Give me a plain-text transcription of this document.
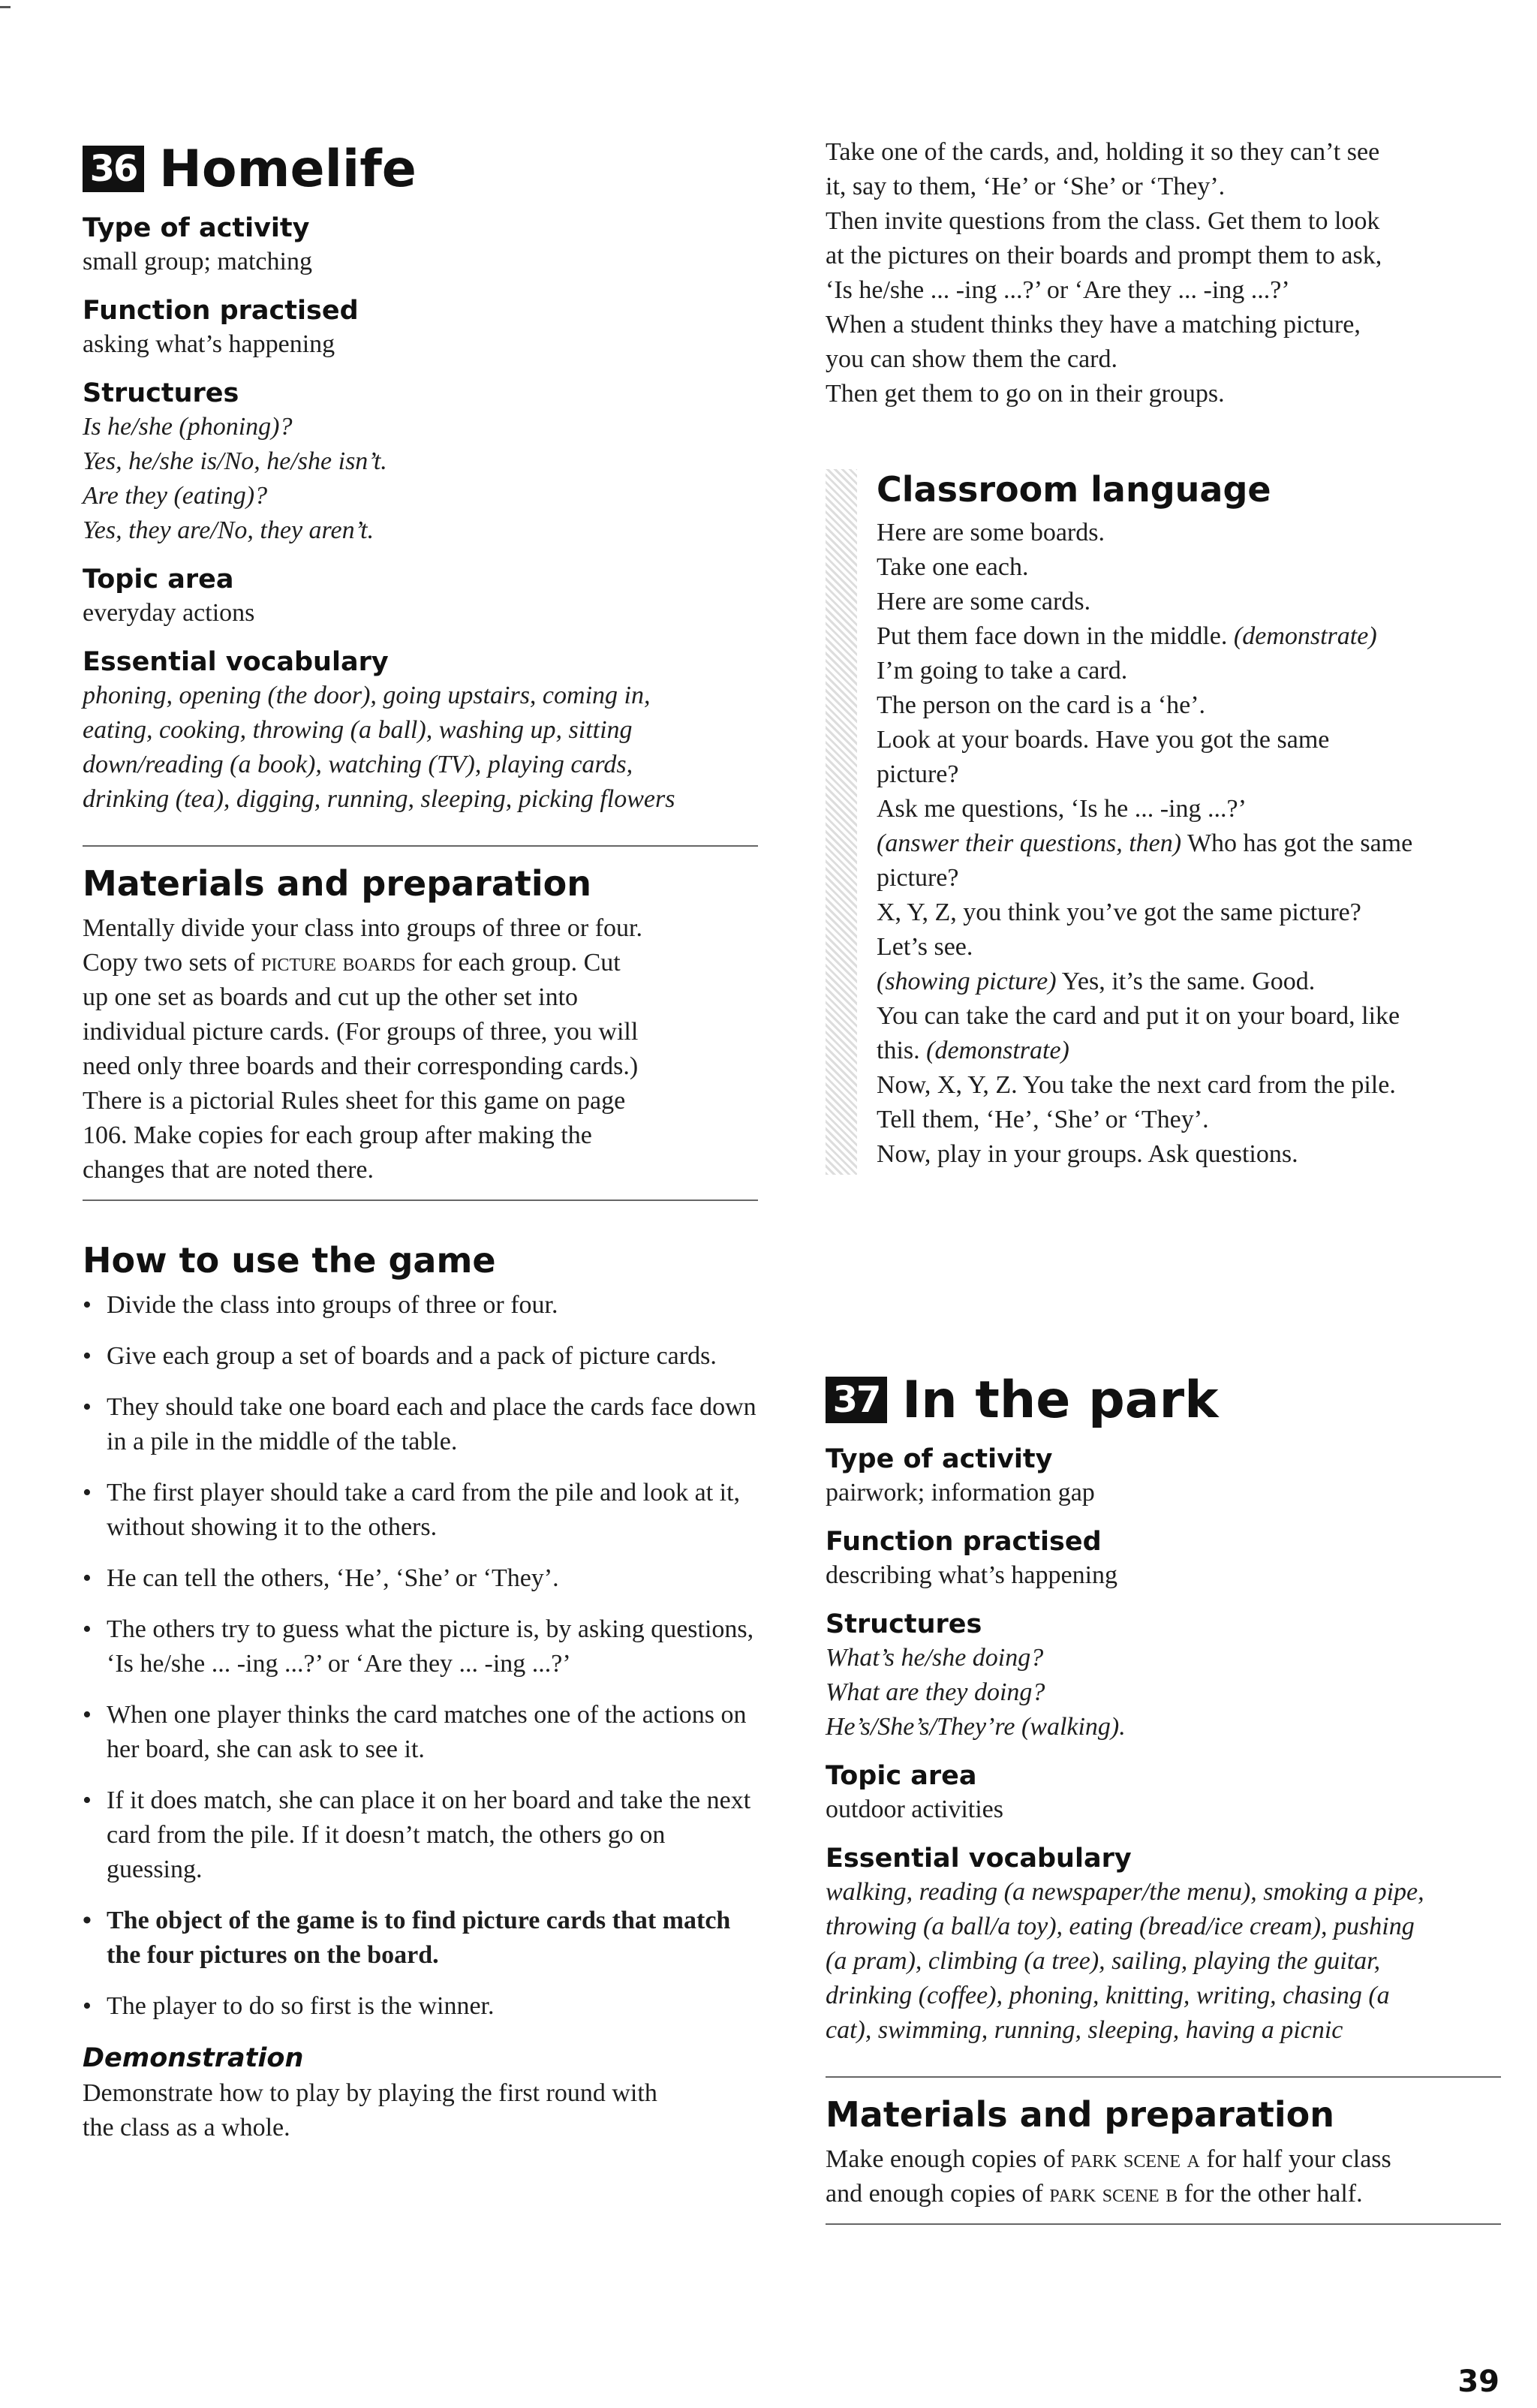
36 Homelife
Type of activity

small group; matching

Function practised

asking what’s happening

Structures

Is he/she (phoning)?

Yes, he/she is/No, he/she isn’t.

Are they (eating)?

Yes, they are/No, they aren’t.

Topic area

everyday actions

Essential vocabulary

phoning, opening (the door), going upstairs, coming in,

eating, cooking, throwing (a ball), washing up, sitting

down/reading (a book), watching (TV), playing cards,

drinking (tea), digging, running, sleeping, picking flowers

Materials and preparation

Mentally divide your class into groups of three or four.

Copy two sets of picture boards for each group. Cut

up one set as boards and cut up the other set into

individual picture cards. (For groups of three, you will

need only three boards and their corresponding cards.)

There is a pictorial Rules sheet for this game on page

106. Make copies for each group after making the

changes that are noted there.

How to use the game
• Divide the class into groups of three or four.
• Give each group a set of boards and a pack of picture cards.
• They should take one board each and place the cards face down in a pile in the middle of the table.
• The first player should take a card from the pile and look at it, without showing it to the others.
• He can tell the others, ‘He’, ‘She’ or ‘They’.
• The others try to guess what the picture is, by asking questions, ‘Is he/she ... -ing ...?’ or ‘Are they ... -ing ...?’
• When one player thinks the card matches one of the actions on her board, she can ask to see it.
• If it does match, she can place it on her board and take the next card from the pile. If it doesn’t match, the others go on guessing.
• The object of the game is to find picture cards that match the four pictures on the board.
• The player to do so first is the winner.
Demonstration

Demonstrate how to play by playing the first round with

the class as a whole.

Take one of the cards, and, holding it so they can’t see

it, say to them, ‘He’ or ‘She’ or ‘They’.

Then invite questions from the class. Get them to look

at the pictures on their boards and prompt them to ask,

‘Is he/she ... -ing ...?’ or ‘Are they ... -ing ...?’

When a student thinks they have a matching picture,

you can show them the card.

Then get them to go on in their groups.

Classroom language

Here are some boards.

Take one each.

Here are some cards.

Put them face down in the middle. (demonstrate)

I’m going to take a card.

The person on the card is a ‘he’.

Look at your boards. Have you got the same

picture?

Ask me questions, ‘Is he ... -ing ...?’

(answer their questions, then) Who has got the same

picture?

X, Y, Z, you think you’ve got the same picture?

Let’s see.

(showing picture) Yes, it’s the same. Good.

You can take the card and put it on your board, like

this. (demonstrate)

Now, X, Y, Z. You take the next card from the pile.

Tell them, ‘He’, ‘She’ or ‘They’.

Now, play in your groups. Ask questions.

37 In the park
Type of activity

pairwork; information gap

Function practised

describing what’s happening

Structures

What’s he/she doing?

What are they doing?

He’s/She’s/They’re (walking).

Topic area

outdoor activities

Essential vocabulary

walking, reading (a newspaper/the menu), smoking a pipe,

throwing (a ball/a toy), eating (bread/ice cream), pushing

(a pram), climbing (a tree), sailing, playing the guitar,

drinking (coffee), phoning, knitting, writing, chasing (a

cat), swimming, running, sleeping, having a picnic

Materials and preparation

Make enough copies of park scene a for half your class

and enough copies of park scene b for the other half.

39
